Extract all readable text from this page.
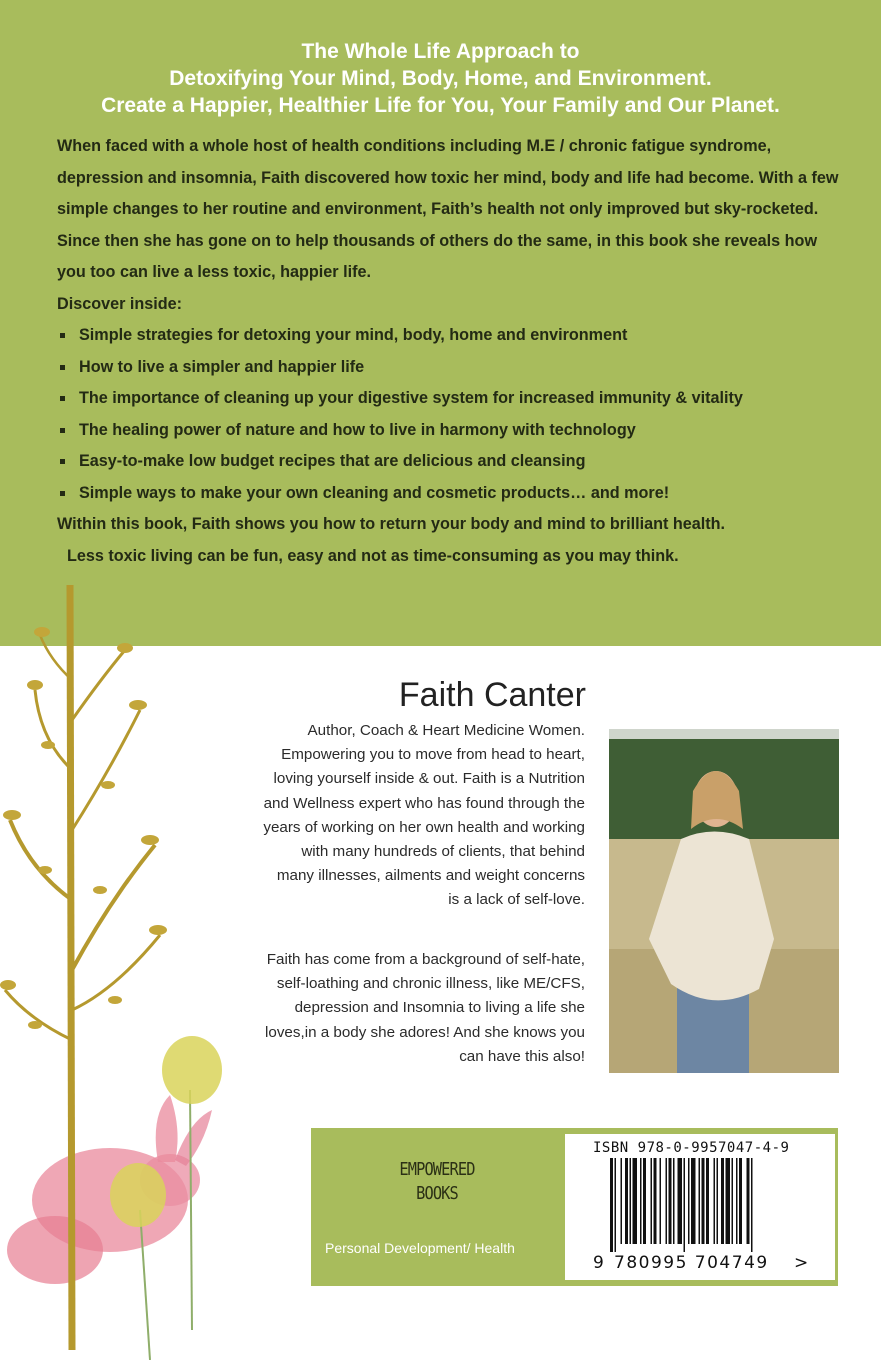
The Whole Life Approach to
Detoxifying Your Mind, Body, Home, and Environment.
Create a Happier, Healthier Life for You, Your Family and Our Planet.

When faced with a whole host of health conditions including M.E / chronic fatigue syndrome, depression and insomnia, Faith discovered how toxic her mind, body and life had become. With a few simple changes to her routine and environment, Faith’s health not only improved but sky-rocketed.

Since then she has gone on to help thousands of others do the same, in this book she reveals how you too can live a less toxic, happier life.

Discover inside:

Simple strategies for detoxing your mind, body, home and environment
How to live a simpler and happier life
The importance of cleaning up your digestive system for increased immunity & vitality
The healing power of nature and how to live in harmony with technology
Easy-to-make low budget recipes that are delicious and cleansing
Simple ways to make your own cleaning and cosmetic products… and more!

Within this book, Faith shows you how to return your body and mind to brilliant health.

Less toxic living can be fun, easy and not as time-consuming as you may think.

Faith Canter

Author, Coach & Heart Medicine Women. Empowering you to move from head to heart, loving yourself inside & out. Faith is a Nutrition and Wellness expert who has found through the years of working on her own health and working with many hundreds of clients, that behind many illnesses, ailments and weight concerns is a lack of self-love.

Faith has come from a background of self-hate, self-loathing and chronic illness, like ME/CFS, depression and Insomnia to living a life she loves,in a body she adores! And she knows you can have this also!

EMPOWERED
BOOKS
Personal Development/ Health
ISBN 978-0-9957047-4-9
9 780995 704749 >
